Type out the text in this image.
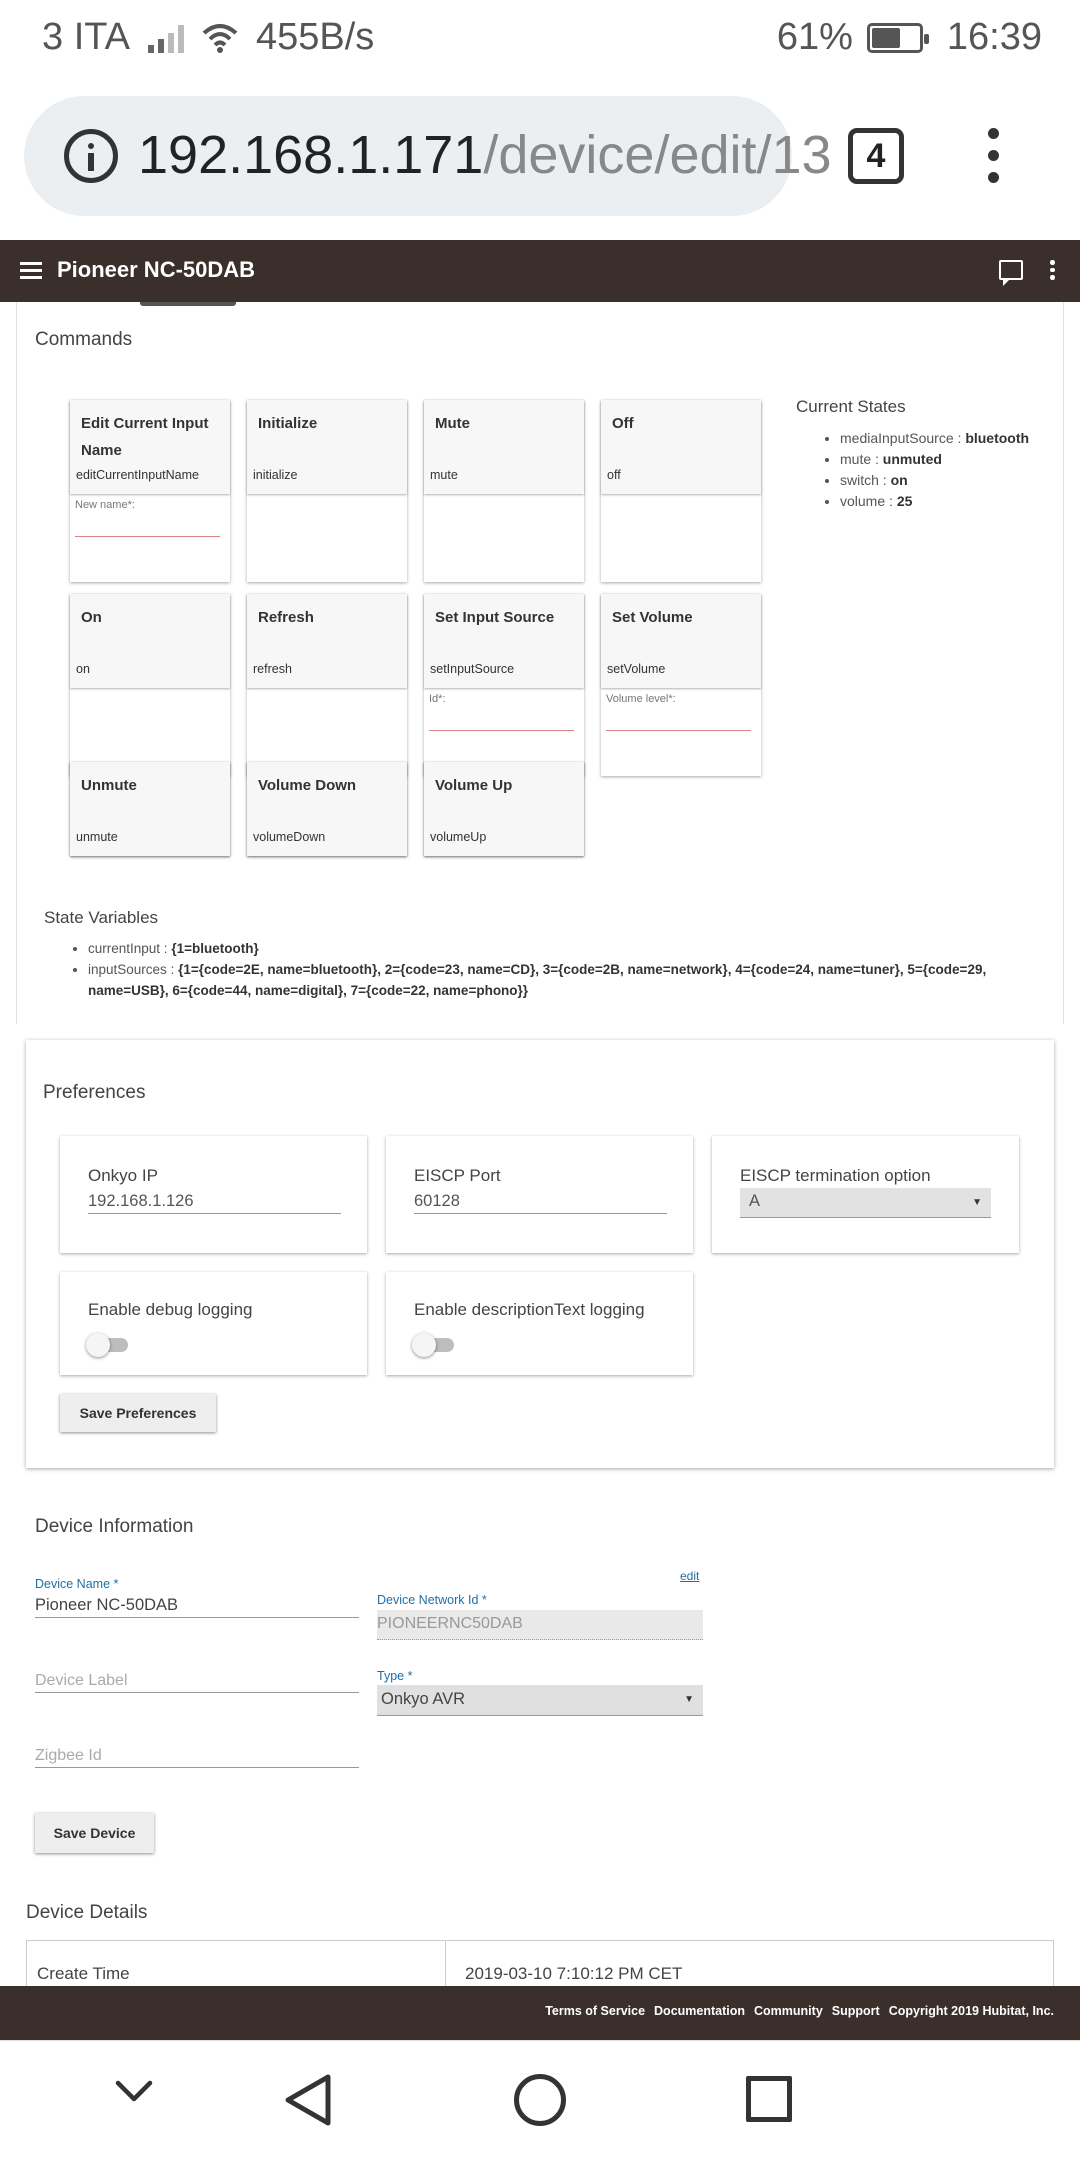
3 ITA	455B/s	61% 16:39
192.168.1.171/device/edit/13	4
Pioneer NC-50DAB
Commands
Edit Current Input Name
editCurrentInputName
New name*:
Initialize
initialize
Mute
mute
Off
off
On
on
Refresh
refresh
Set Input Source
setInputSource
Id*:
Set Volume
setVolume
Volume level*:
Unmute
unmute
Volume Down
volumeDown
Volume Up
volumeUp
Current States
• mediaInputSource : bluetooth
• mute : unmuted
• switch : on
• volume : 25
State Variables
• currentInput : {1=bluetooth}
• inputSources : {1={code=2E, name=bluetooth}, 2={code=23, name=CD}, 3={code=2B, name=network}, 4={code=24, name=tuner}, 5={code=29, name=USB}, 6={code=44, name=digital}, 7={code=22, name=phono}}
Preferences
Onkyo IP
192.168.1.126
EISCP Port
60128
EISCP termination option
A	▼
Enable debug logging	Enable descriptionText logging
Save Preferences
Device Information
Device Name *
Pioneer NC-50DAB
Device Label
Zigbee Id
edit
Device Network Id *
PIONEERNC50DAB
Type *
Onkyo AVR	▼
Save Device
Device Details
Create Time	2019-03-10 7:10:12 PM CET
Terms of Service Documentation Community Support Copyright 2019 Hubitat, Inc.
